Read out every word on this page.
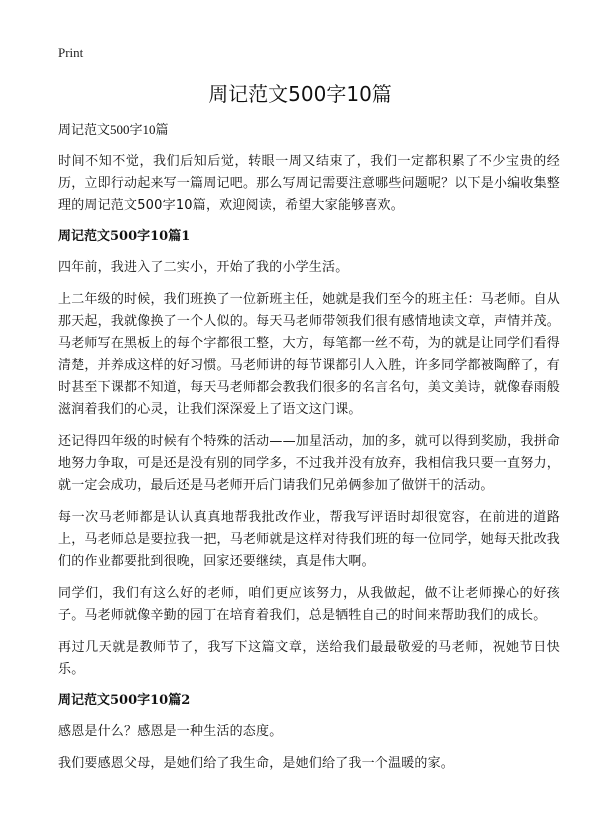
Print
周记范文500字10篇

周记范文500字10篇

时间不知不觉，我们后知后觉，转眼一周又结束了，我们一定都积累了不少宝贵的经历，立即行动起来写一篇周记吧。那么写周记需要注意哪些问题呢？以下是小编收集整理的周记范文500字10篇，欢迎阅读，希望大家能够喜欢。

周记范文500字10篇1

四年前，我进入了二实小，开始了我的小学生活。

上二年级的时候，我们班换了一位新班主任，她就是我们至今的班主任：马老师。自从那天起，我就像换了一个人似的。每天马老师带领我们很有感情地读文章，声情并茂。马老师写在黑板上的每个字都很工整，大方，每笔都一丝不苟，为的就是让同学们看得清楚，并养成这样的好习惯。马老师讲的每节课都引人入胜，许多同学都被陶醉了，有时甚至下课都不知道，每天马老师都会教我们很多的名言名句，美文美诗，就像春雨般滋润着我们的心灵，让我们深深爱上了语文这门课。

还记得四年级的时候有个特殊的活动——加星活动，加的多，就可以得到奖励，我拼命地努力争取，可是还是没有别的同学多，不过我并没有放弃，我相信我只要一直努力，就一定会成功，最后还是马老师开后门请我们兄弟俩参加了做饼干的活动。

每一次马老师都是认认真真地帮我批改作业，帮我写评语时却很宽容，在前进的道路上，马老师总是要拉我一把，马老师就是这样对待我们班的每一位同学，她每天批改我们的作业都要批到很晚，回家还要继续，真是伟大啊。

同学们，我们有这么好的老师，咱们更应该努力，从我做起，做不让老师操心的好孩子。马老师就像辛勤的园丁在培育着我们，总是牺牲自己的时间来帮助我们的成长。

再过几天就是教师节了，我写下这篇文章，送给我们最最敬爱的马老师，祝她节日快乐。

周记范文500字10篇2

感恩是什么？感恩是一种生活的态度。

我们要感恩父母，是她们给了我生命，是她们给了我一个温暖的家。
